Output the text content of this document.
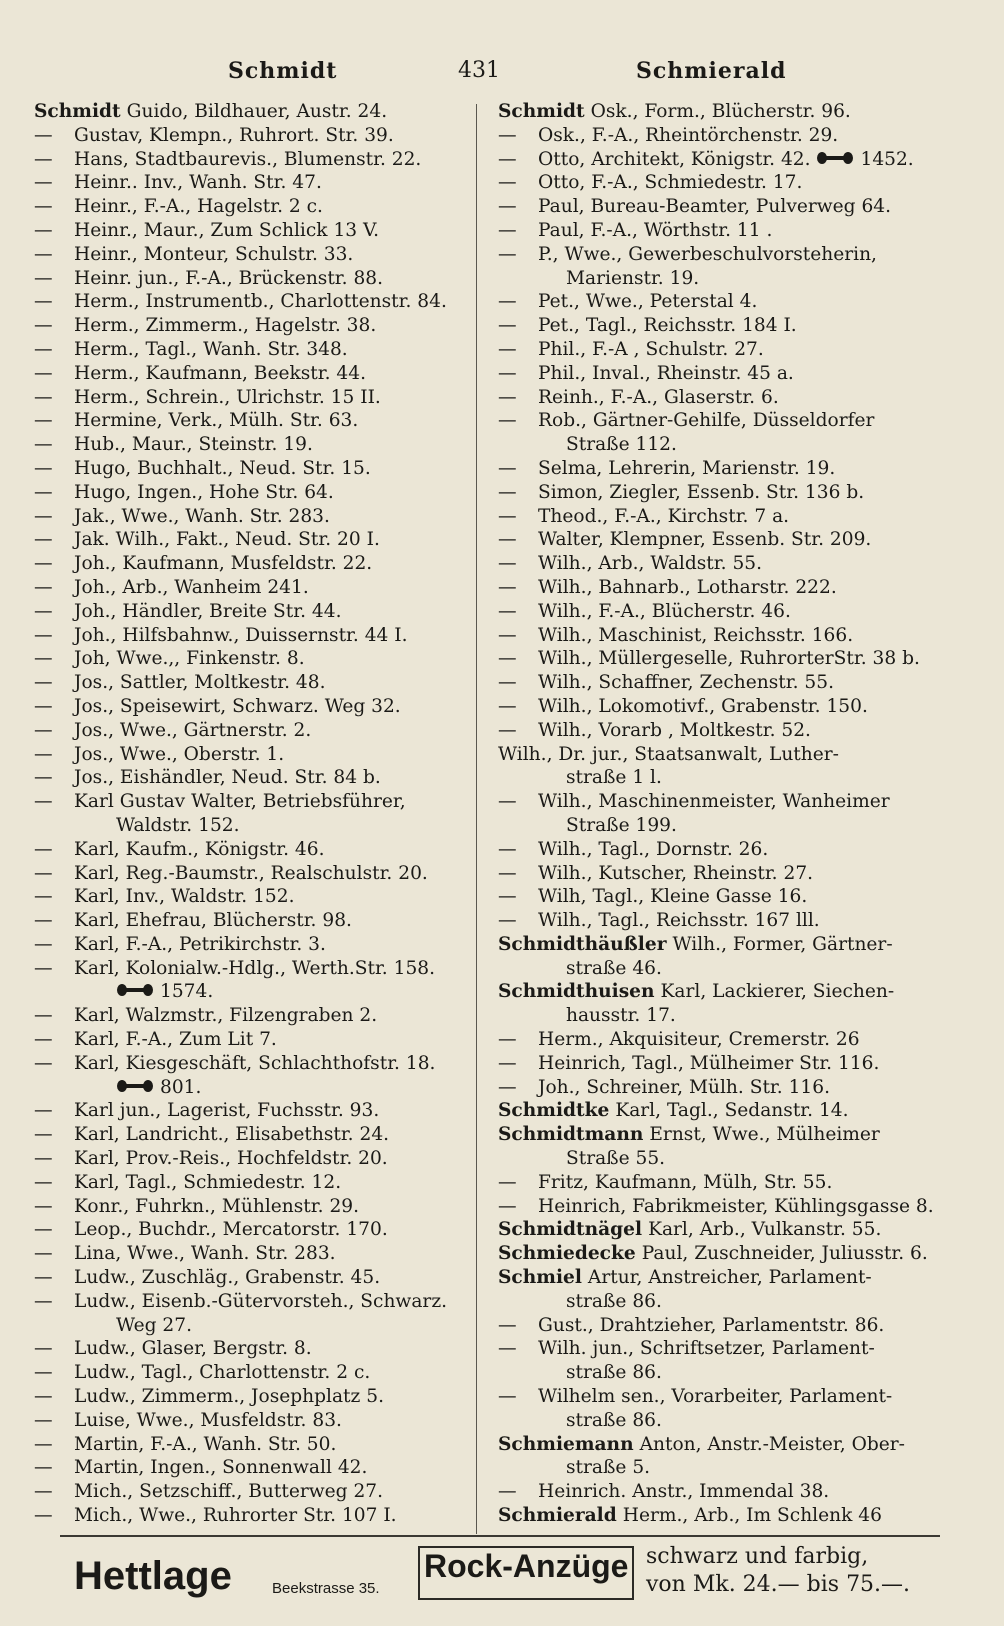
Schmidt	431	Schmierald
Schmidt Guido, Bildhauer, Austr. 24.
— Gustav, Klempn., Ruhrort. Str. 39.
— Hans, Stadtbaurevis., Blumenstr. 22.
— Heinr.. Inv., Wanh. Str. 47.
— Heinr., F.-A., Hagelstr. 2 c.
— Heinr., Maur., Zum Schlick 13 V.
— Heinr., Monteur, Schulstr. 33.
— Heinr. jun., F.-A., Brückenstr. 88.
— Herm., Instrumentb., Charlottenstr. 84.
— Herm., Zimmerm., Hagelstr. 38.
— Herm., Tagl., Wanh. Str. 348.
— Herm., Kaufmann, Beekstr. 44.
— Herm., Schrein., Ulrichstr. 15 II.
— Hermine, Verk., Mülh. Str. 63.
— Hub., Maur., Steinstr. 19.
— Hugo, Buchhalt., Neud. Str. 15.
— Hugo, Ingen., Hohe Str. 64.
— Jak., Wwe., Wanh. Str. 283.
— Jak. Wilh., Fakt., Neud. Str. 20 I.
— Joh., Kaufmann, Musfeldstr. 22.
— Joh., Arb., Wanheim 241.
— Joh., Händler, Breite Str. 44.
— Joh., Hilfsbahnw., Duissernstr. 44 I.
— Joh, Wwe.,, Finkenstr. 8.
— Jos., Sattler, Moltkestr. 48.
— Jos., Speisewirt, Schwarz. Weg 32.
— Jos., Wwe., Gärtnerstr. 2.
— Jos., Wwe., Oberstr. 1.
— Jos., Eishändler, Neud. Str. 84 b.
— Karl Gustav Walter, Betriebsführer,
Waldstr. 152.
— Karl, Kaufm., Königstr. 46.
— Karl, Reg.-Baumstr., Realschulstr. 20.
— Karl, Inv., Waldstr. 152.
— Karl, Ehefrau, Blücherstr. 98.
— Karl, F.-A., Petrikirchstr. 3.
— Karl, Kolonialw.-Hdlg., Werth.Str. 158.
1574.
— Karl, Walzmstr., Filzengraben 2.
— Karl, F.-A., Zum Lit 7.
— Karl, Kiesgeschäft, Schlachthofstr. 18.
801.
— Karl jun., Lagerist, Fuchsstr. 93.
— Karl, Landricht., Elisabethstr. 24.
— Karl, Prov.-Reis., Hochfeldstr. 20.
— Karl, Tagl., Schmiedestr. 12.
— Konr., Fuhrkn., Mühlenstr. 29.
— Leop., Buchdr., Mercatorstr. 170.
— Lina, Wwe., Wanh. Str. 283.
— Ludw., Zuschläg., Grabenstr. 45.
— Ludw., Eisenb.-Gütervorsteh., Schwarz.
Weg 27.
— Ludw., Glaser, Bergstr. 8.
— Ludw., Tagl., Charlottenstr. 2 c.
— Ludw., Zimmerm., Josephplatz 5.
— Luise, Wwe., Musfeldstr. 83.
— Martin, F.-A., Wanh. Str. 50.
— Martin, Ingen., Sonnenwall 42.
— Mich., Setzschiff., Butterweg 27.
— Mich., Wwe., Ruhrorter Str. 107 I.
Schmidt Osk., Form., Blücherstr. 96.
— Osk., F.-A., Rheintörchenstr. 29.
— Otto, Architekt, Königstr. 42.	1452.
— Otto, F.-A., Schmiedestr. 17.
— Paul, Bureau-Beamter, Pulverweg 64.
— Paul, F.-A., Wörthstr. 11 .
— P., Wwe., Gewerbeschulvorsteherin,
Marienstr. 19.
— Pet., Wwe., Peterstal 4.
— Pet., Tagl., Reichsstr. 184 I.
— Phil., F.-A , Schulstr. 27.
— Phil., Inval., Rheinstr. 45 a.
— Reinh., F.-A., Glaserstr. 6.
— Rob., Gärtner-Gehilfe, Düsseldorfer
Straße 112.
— Selma, Lehrerin, Marienstr. 19.
— Simon, Ziegler, Essenb. Str. 136 b.
— Theod., F.-A., Kirchstr. 7 a.
— Walter, Klempner, Essenb. Str. 209.
— Wilh., Arb., Waldstr. 55.
— Wilh., Bahnarb., Lotharstr. 222.
— Wilh., F.-A., Blücherstr. 46.
— Wilh., Maschinist, Reichsstr. 166.
— Wilh., Müllergeselle, RuhrorterStr. 38 b.
— Wilh., Schaffner, Zechenstr. 55.
— Wilh., Lokomotivf., Grabenstr. 150.
— Wilh., Vorarb , Moltkestr. 52.
Wilh., Dr. jur., Staatsanwalt, Luther-
straße 1 l.
— Wilh., Maschinenmeister, Wanheimer
Straße 199.
— Wilh., Tagl., Dornstr. 26.
— Wilh., Kutscher, Rheinstr. 27.
— Wilh, Tagl., Kleine Gasse 16.
— Wilh., Tagl., Reichsstr. 167 lll.
Schmidthäußler Wilh., Former, Gärtner-
straße 46.
Schmidthuisen Karl, Lackierer, Siechen-
hausstr. 17.
— Herm., Akquisiteur, Cremerstr. 26
— Heinrich, Tagl., Mülheimer Str. 116.
— Joh., Schreiner, Mülh. Str. 116.
Schmidtke Karl, Tagl., Sedanstr. 14.
Schmidtmann Ernst, Wwe., Mülheimer
Straße 55.
— Fritz, Kaufmann, Mülh, Str. 55.
— Heinrich, Fabrikmeister, Kühlingsgasse 8.
Schmidtnägel Karl, Arb., Vulkanstr. 55.
Schmiedecke Paul, Zuschneider, Juliusstr. 6.
Schmiel Artur, Anstreicher, Parlament-
straße 86.
— Gust., Drahtzieher, Parlamentstr. 86.
— Wilh. jun., Schriftsetzer, Parlament-
straße 86.
— Wilhelm sen., Vorarbeiter, Parlament-
straße 86.
Schmiemann Anton, Anstr.-Meister, Ober-
straße 5.
— Heinrich. Anstr., Immendal 38.
Schmierald Herm., Arb., Im Schlenk 46
Hettlage	Beekstrasse 35.
Rock-Anzüge schwarz und farbig,
von Mk. 24.— bis 75.—.
